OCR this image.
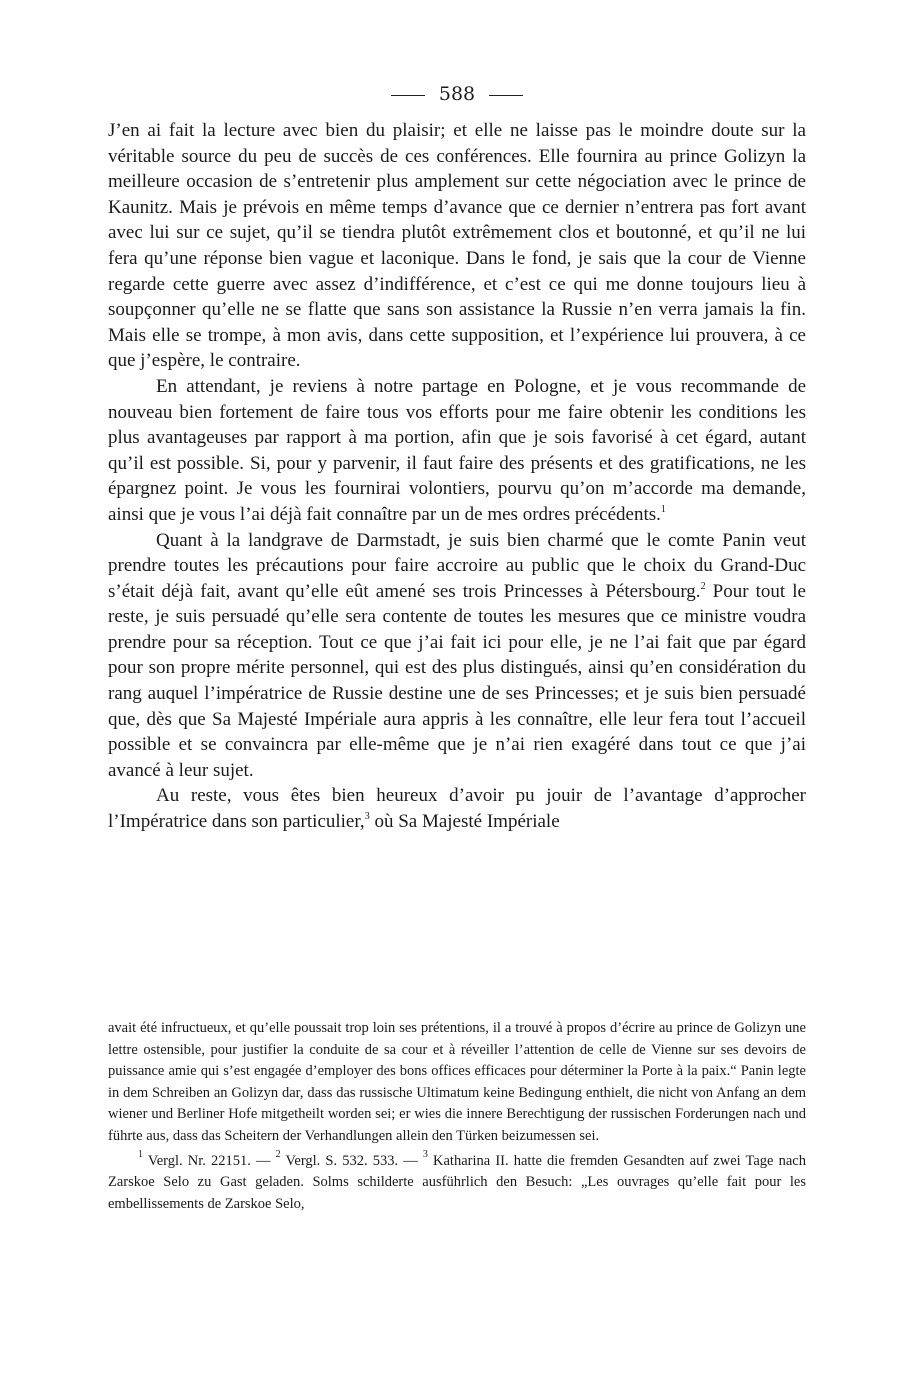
588

J’en ai fait la lecture avec bien du plaisir; et elle ne laisse pas le moindre doute sur la véritable source du peu de succès de ces conférences. Elle fournira au prince Golizyn la meilleure occasion de s’entretenir plus amplement sur cette négociation avec le prince de Kaunitz. Mais je prévois en même temps d’avance que ce dernier n’entrera pas fort avant avec lui sur ce sujet, qu’il se tiendra plutôt extrêmement clos et boutonné, et qu’il ne lui fera qu’une réponse bien vague et laconique. Dans le fond, je sais que la cour de Vienne regarde cette guerre avec assez d’indifférence, et c’est ce qui me donne toujours lieu à soupçonner qu’elle ne se flatte que sans son assistance la Russie n’en verra jamais la fin. Mais elle se trompe, à mon avis, dans cette supposition, et l’expérience lui prouvera, à ce que j’espère, le contraire.

En attendant, je reviens à notre partage en Pologne, et je vous recommande de nouveau bien fortement de faire tous vos efforts pour me faire obtenir les conditions les plus avantageuses par rapport à ma portion, afin que je sois favorisé à cet égard, autant qu’il est possible. Si, pour y parvenir, il faut faire des présents et des gratifications, ne les épargnez point. Je vous les fournirai volontiers, pourvu qu’on m’accorde ma demande, ainsi que je vous l’ai déjà fait connaître par un de mes ordres précédents.$^1$

Quant à la landgrave de Darmstadt, je suis bien charmé que le comte Panin veut prendre toutes les précautions pour faire accroire au public que le choix du Grand-Duc s’était déjà fait, avant qu’elle eût amené ses trois Princesses à Pétersbourg.$^2$ Pour tout le reste, je suis persuadé qu’elle sera contente de toutes les mesures que ce ministre voudra prendre pour sa réception. Tout ce que j’ai fait ici pour elle, je ne l’ai fait que par égard pour son propre mérite personnel, qui est des plus distingués, ainsi qu’en considération du rang auquel l’impératrice de Russie destine une de ses Princesses; et je suis bien persuadé que, dès que Sa Majesté Impériale aura appris à les connaître, elle leur fera tout l’accueil possible et se convaincra par elle-même que je n’ai rien exagéré dans tout ce que j’ai avancé à leur sujet.

Au reste, vous êtes bien heureux d’avoir pu jouir de l’avantage d’approcher l’Impératrice dans son particulier,$^3$ où Sa Majesté Impériale

avait été infructueux, et qu’elle poussait trop loin ses prétentions, il a trouvé à propos d’écrire au prince de Golizyn une lettre ostensible, pour justifier la conduite de sa cour et à réveiller l’attention de celle de Vienne sur ses devoirs de puissance amie qui s’est engagée d’employer des bons offices efficaces pour déterminer la Porte à la paix.“ Panin legte in dem Schreiben an Golizyn dar, dass das russische Ultimatum keine Bedingung enthielt, die nicht von Anfang an dem wiener und Berliner Hofe mitgetheilt worden sei; er wies die innere Berechtigung der russischen Forderungen nach und führte aus, dass das Scheitern der Verhandlungen allein den Türken beizumessen sei.

$^1$ Vergl. Nr. 22151. — $^2$ Vergl. S. 532. 533. — $^3$ Katharina II. hatte die fremden Gesandten auf zwei Tage nach Zarskoe Selo zu Gast geladen. Solms schilderte ausführlich den Besuch: „Les ouvrages qu’elle fait pour les embellissements de Zarskoe Selo,
